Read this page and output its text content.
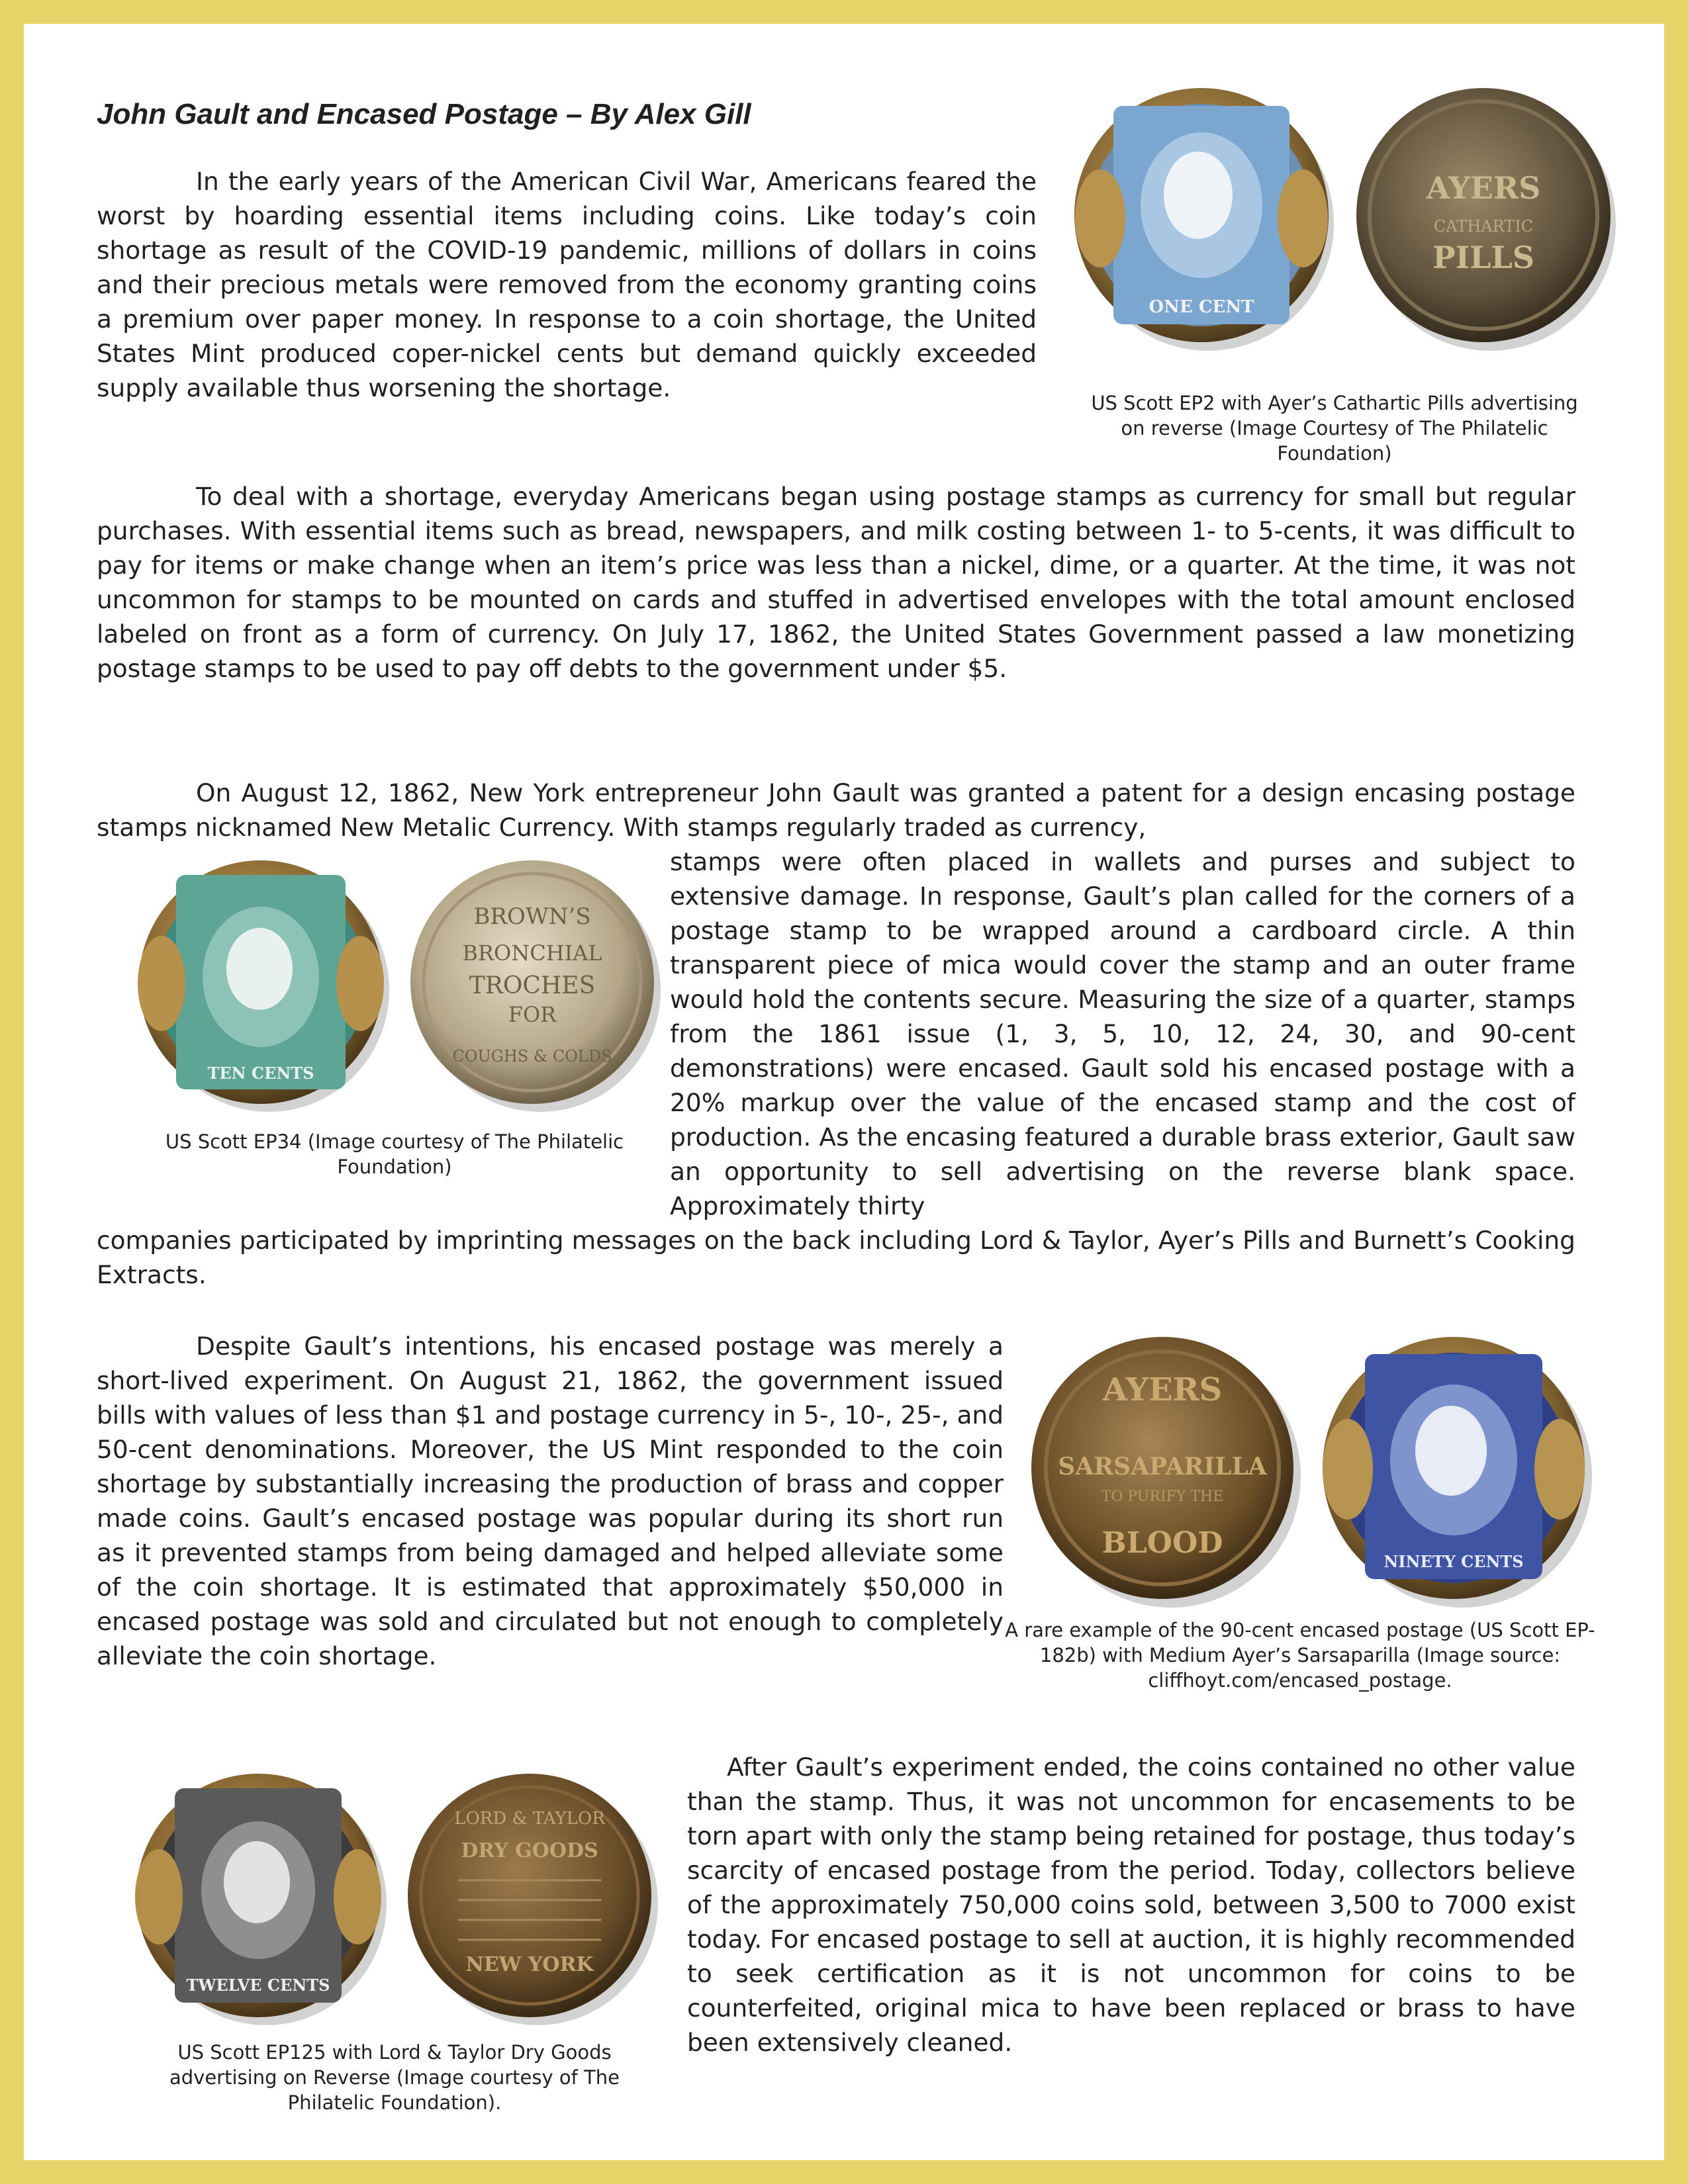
John Gault and Encased Postage – By Alex Gill

In the early years of the American Civil War, Americans feared the worst by hoarding essential items including coins. Like today’s coin shortage as result of the COVID-19 pandemic, millions of dollars in coins and their precious metals were removed from the economy granting coins a premium over paper money. In response to a coin shortage, the United States Mint produced coper-nickel cents but demand quickly exceeded supply available thus worsening the shortage.

ONE CENT
AYERS
CATHARTIC
PILLS
US Scott EP2 with Ayer’s Cathartic Pills advertising on reverse (Image Courtesy of The Philatelic Foundation)

To deal with a shortage, everyday Americans began using postage stamps as currency for small but regular purchases. With essential items such as bread, newspapers, and milk costing between 1- to 5-cents, it was difficult to pay for items or make change when an item’s price was less than a nickel, dime, or a quarter. At the time, it was not uncommon for stamps to be mounted on cards and stuffed in advertised envelopes with the total amount enclosed labeled on front as a form of currency. On July 17, 1862, the United States Government passed a law monetizing postage stamps to be used to pay off debts to the government under $5.

On August 12, 1862, New York entrepreneur John Gault was granted a patent for a design encasing postage stamps nicknamed New Metalic Currency. With stamps regularly traded as currency,

TEN CENTS
BROWN’S
BRONCHIAL
TROCHES
FOR
COUGHS & COLDS
US Scott EP34 (Image courtesy of The Philatelic Foundation)

stamps were often placed in wallets and purses and subject to extensive damage. In response, Gault’s plan called for the corners of a postage stamp to be wrapped around a cardboard circle. A thin transparent piece of mica would cover the stamp and an outer frame would hold the contents secure. Measuring the size of a quarter, stamps from the 1861 issue (1, 3, 5, 10, 12, 24, 30, and 90-cent demonstrations) were encased. Gault sold his encased postage with a 20% markup over the value of the encased stamp and the cost of production. As the encasing featured a durable brass exterior, Gault saw an opportunity to sell advertising on the reverse blank space. Approximately thirty

companies participated by imprinting messages on the back including Lord & Taylor, Ayer’s Pills and Burnett’s Cooking Extracts.

Despite Gault’s intentions, his encased postage was merely a short-lived experiment. On August 21, 1862, the government issued bills with values of less than $1 and postage currency in 5-, 10-, 25-, and 50-cent denominations. Moreover, the US Mint responded to the coin shortage by substantially increasing the production of brass and copper made coins. Gault’s encased postage was popular during its short run as it prevented stamps from being damaged and helped alleviate some of the coin shortage. It is estimated that approximately $50,000 in encased postage was sold and circulated but not enough to completely alleviate the coin shortage.

AYERS
SARSAPARILLA
TO PURIFY THE
BLOOD
NINETY CENTS
A rare example of the 90-cent encased postage (US Scott EP-182b) with Medium Ayer’s Sarsaparilla (Image source: cliffhoyt.com/encased_postage.
TWELVE CENTS
LORD & TAYLOR
DRY GOODS
NEW YORK
US Scott EP125 with Lord & Taylor Dry Goods advertising on Reverse (Image courtesy of The Philatelic Foundation).

After Gault’s experiment ended, the coins contained no other value than the stamp. Thus, it was not uncommon for encasements to be torn apart with only the stamp being retained for postage, thus today’s scarcity of encased postage from the period. Today, collectors believe of the approximately 750,000 coins sold, between 3,500 to 7000 exist today. For encased postage to sell at auction, it is highly recommended to seek certification as it is not uncommon for coins to be counterfeited, original mica to have been replaced or brass to have been extensively cleaned.
